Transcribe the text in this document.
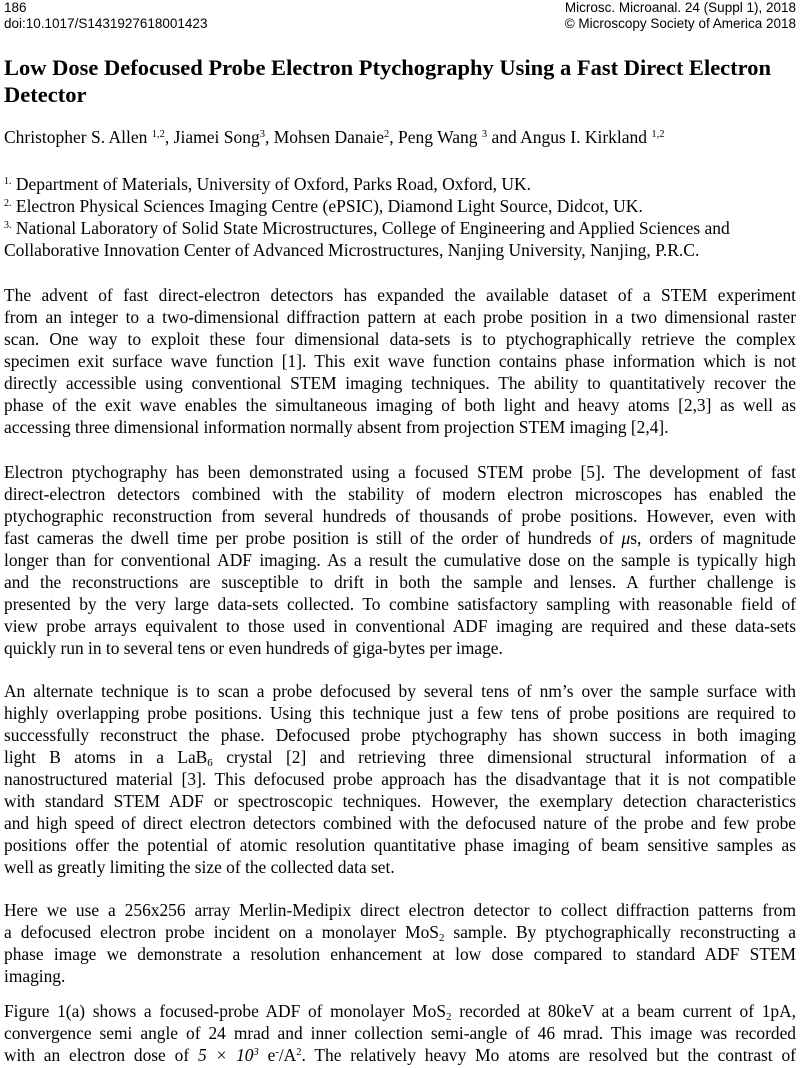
186
doi:10.1017/S1431927618001423
Microsc. Microanal. 24 (Suppl 1), 2018
© Microscopy Society of America 2018
Low Dose Defocused Probe Electron Ptychography Using a Fast Direct Electron Detector
Christopher S. Allen $^{1,2}$, Jiamei Song$^3$, Mohsen Danaie$^2$, Peng Wang $^3$ and Angus I. Kirkland $^{1,2}$
$^{1.}$ Department of Materials, University of Oxford, Parks Road, Oxford, UK.
$^{2.}$ Electron Physical Sciences Imaging Centre (ePSIC), Diamond Light Source, Didcot, UK.
$^{3.}$ National Laboratory of Solid State Microstructures, College of Engineering and Applied Sciences and Collaborative Innovation Center of Advanced Microstructures, Nanjing University, Nanjing, P.R.C.
The advent of fast direct-electron detectors has expanded the available dataset of a STEM experiment
from an integer to a two-dimensional diffraction pattern at each probe position in a two dimensional raster
scan. One way to exploit these four dimensional data-sets is to ptychographically retrieve the complex
specimen exit surface wave function [1]. This exit wave function contains phase information which is not
directly accessible using conventional STEM imaging techniques. The ability to quantitatively recover the
phase of the exit wave enables the simultaneous imaging of both light and heavy atoms [2,3] as well as
accessing three dimensional information normally absent from projection STEM imaging [2,4].
Electron ptychography has been demonstrated using a focused STEM probe [5]. The development of fast
direct-electron detectors combined with the stability of modern electron microscopes has enabled the
ptychographic reconstruction from several hundreds of thousands of probe positions. However, even with
fast cameras the dwell time per probe position is still of the order of hundreds of μs, orders of magnitude
longer than for conventional ADF imaging. As a result the cumulative dose on the sample is typically high
and the reconstructions are susceptible to drift in both the sample and lenses. A further challenge is
presented by the very large data-sets collected. To combine satisfactory sampling with reasonable field of
view probe arrays equivalent to those used in conventional ADF imaging are required and these data-sets
quickly run in to several tens or even hundreds of giga-bytes per image.
An alternate technique is to scan a probe defocused by several tens of nm’s over the sample surface with
highly overlapping probe positions. Using this technique just a few tens of probe positions are required to
successfully reconstruct the phase. Defocused probe ptychography has shown success in both imaging
light B atoms in a LaB$_6$ crystal [2] and retrieving three dimensional structural information of a
nanostructured material [3]. This defocused probe approach has the disadvantage that it is not compatible
with standard STEM ADF or spectroscopic techniques. However, the exemplary detection characteristics
and high speed of direct electron detectors combined with the defocused nature of the probe and few probe
positions offer the potential of atomic resolution quantitative phase imaging of beam sensitive samples as
well as greatly limiting the size of the collected data set.
Here we use a 256x256 array Merlin-Medipix direct electron detector to collect diffraction patterns from
a defocused electron probe incident on a monolayer MoS$_2$ sample. By ptychographically reconstructing a
phase image we demonstrate a resolution enhancement at low dose compared to standard ADF STEM
imaging.
Figure 1(a) shows a focused-probe ADF of monolayer MoS$_2$ recorded at 80keV at a beam current of 1pA,
convergence semi angle of 24 mrad and inner collection semi-angle of 46 mrad. This image was recorded
with an electron dose of $5 \times 10^3$ $e^-/A^2$. The relatively heavy Mo atoms are resolved but the contrast of
